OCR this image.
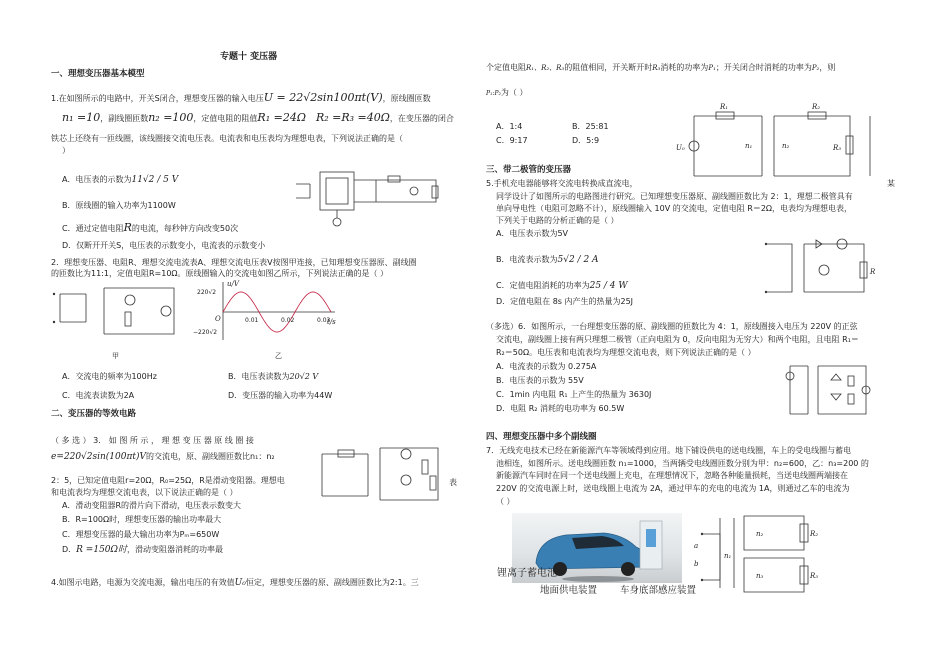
专题十 变压器
一、理想变压器基本模型
1.在如图所示的电路中，开关S闭合，理想变压器的输入电压U = 22√2sin100πt(V)，原线圈匝数
n₁ =10，副线圈匝数n₂ =100，定值电阻的阻值R₁ =24Ω R₂ =R₃ =40Ω，在变压器的闭合
铁芯上还绕有一匝线圈，该线圈接交流电压表。电流表和电压表均为理想电表，下列说法正确的是（
）
A．电压表的示数为11√2 / 5 V
B．原线圈的输入功率为1100W
C．通过定值电阻R的电流，每秒钟方向改变50次
D．仅断开开关S，电压表的示数变小，电流表的示数变小
2．理想变压器、电阻R、理想交流电流表A、理想交流电压表V按图甲连接，已知理想变压器原、副线圈
的匝数比为11:1，定值电阻R=10Ω。原线圈输入的交流电如图乙所示，下列说法正确的是（ ）
甲
220√2
−220√2
u/V
t/s
O	0.01	0.02	0.03
乙
A．交流电的频率为100Hz	B．电压表读数为20√2 V
C．电流表读数为2A	D．变压器的输入功率为44W
二、变压器的等效电路
（ 多 选 ） 3． 如 图 所 示 ， 理 想 变 压 器 原 线 圈 接
e=220√2sin(100πt)V的交流电，原、副线圈匝数比n₁：n₂
2：5，已知定值电阻r=20Ω，R₀=25Ω，R是滑动变阻器。理想电	表
和电流表均为理想交流电表，以下说法正确的是（ ）
A．滑动变阻器R的滑片向下滑动，电压表示数变大
B．R=100Ω时，理想变压器的输出功率最大
C．理想变压器的最大输出功率为Pₘ=650W
D．R =150Ω时，滑动变阻器消耗的功率最
4.如图示电路，电源为交流电源，输出电压的有效值U₀恒定，理想变压器的原、副线圈匝数比为2:1。三
个定值电阻R₁、R₂、R₃的阻值相同，开关断开时R₃消耗的功率为P₁；开关闭合时消耗的功率为P₂，则
P₁:P₂为（ ）
A．1:4	B．25:81
C．9:17	D．5:9
U₀	n₁	n₂
R₁	R₂
R₃
三、带二极管的变压器
5.手机充电器能够将交流电转换成直流电，	某
同学设计了如图所示的电路图进行研究。已知理想变压器原、副线圈匝数比为 2：1，理想二极管具有
单向导电性（电阻可忽略不计），原线圈输入 10V 的交流电，定值电阻 R＝2Ω，电表均为理想电表，
下列关于电路的分析正确的是（ ）
A．电压表示数为5V
B．电流表示数为5√2 / 2 A
C．定值电阻消耗的功率为25 / 4 W
D．定值电阻在 8s 内产生的热量为25J
R
（多选）6．如图所示，一台理想变压器的原、副线圈的匝数比为 4：1，原线圈接入电压为 220V 的正弦
交流电，副线圈上接有两只理想二极管（正向电阻为 0，反向电阻为无穷大）和两个电阻，且电阻 R₁＝
R₂＝50Ω。电压表和电流表均为理想交流电表，则下列说法正确的是（ ）
A．电流表的示数为 0.275A
B．电压表的示数为 55V
C．1min 内电阻 R₁ 上产生的热量为 3630J
D．电阻 R₂ 消耗的电功率为 60.5W
四、理想变压器中多个副线圈
7．无线充电技术已经在新能源汽车等领域得到应用。地下铺设供电的送电线圈，车上的受电线圈与蓄电
池相连，如图所示。送电线圈匝数 n₁=1000，当两辆受电线圈匝数分别为甲：n₂=600，乙：n₃=200 的
新能源汽车同时在同一个送电线圈上充电，在理想情况下，忽略各种能量损耗，当送电线圈两端接在
220V 的交流电源上时，送电线圈上电流为 2A，通过甲车的充电的电流为 1A，则通过乙车的电流为
（ ）
锂离子蓄电池
地面供电装置 车身底部感应装置
a
b
n₁
n₂
n₃
R₂
R₃
